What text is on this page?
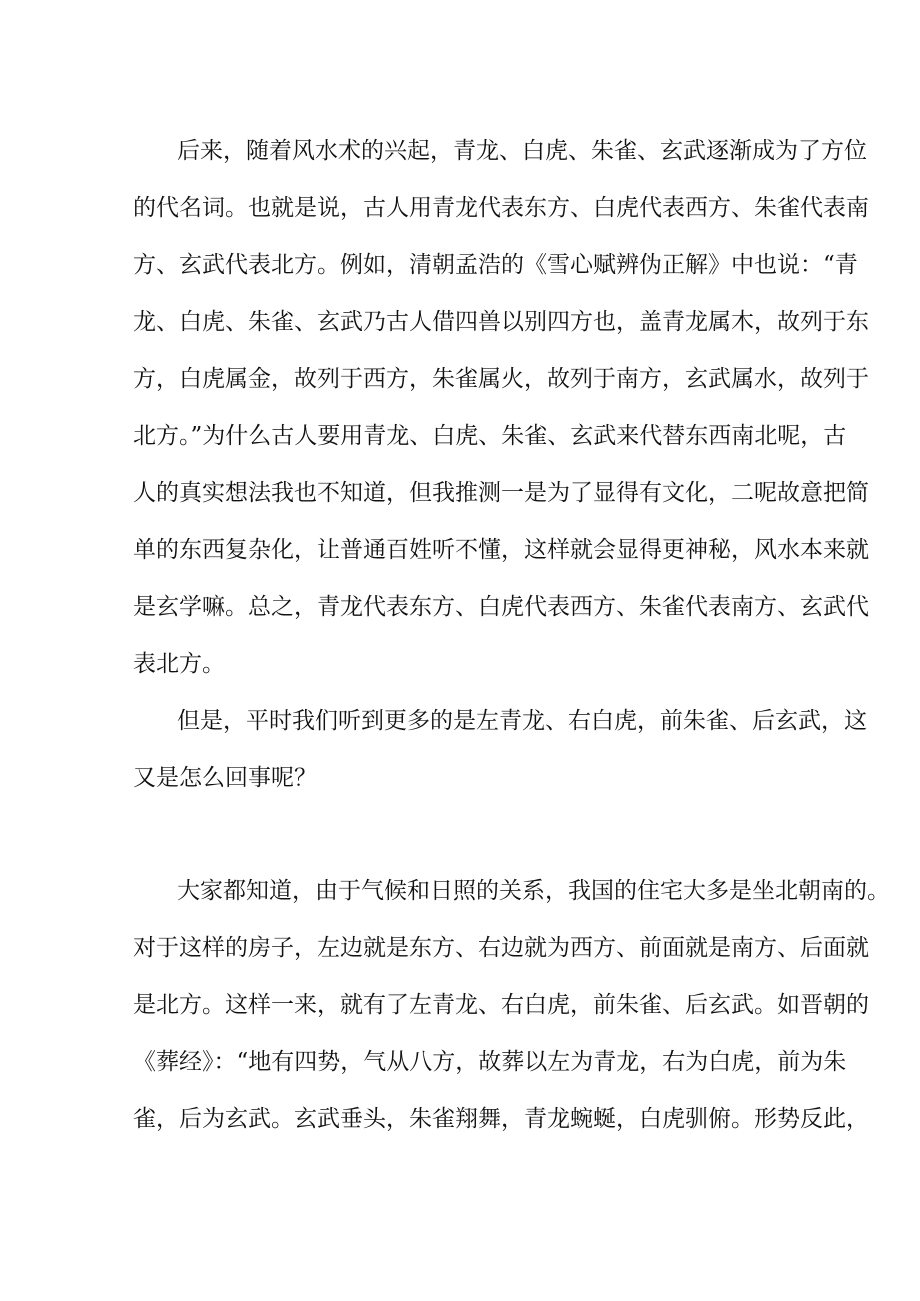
后来，随着风水术的兴起，青龙、白虎、朱雀、玄武逐渐成为了方位
的代名词。也就是说，古人用青龙代表东方、白虎代表西方、朱雀代表南
方、玄武代表北方。例如，清朝孟浩的《雪心赋辨伪正解》中也说：“青
龙、白虎、朱雀、玄武乃古人借四兽以别四方也，盖青龙属木，故列于东
方，白虎属金，故列于西方，朱雀属火，故列于南方，玄武属水，故列于
北方。”为什么古人要用青龙、白虎、朱雀、玄武来代替东西南北呢，古
人的真实想法我也不知道，但我推测一是为了显得有文化，二呢故意把简
单的东西复杂化，让普通百姓听不懂，这样就会显得更神秘，风水本来就
是玄学嘛。总之，青龙代表东方、白虎代表西方、朱雀代表南方、玄武代
表北方。
但是，平时我们听到更多的是左青龙、右白虎，前朱雀、后玄武，这
又是怎么回事呢？
大家都知道，由于气候和日照的关系，我国的住宅大多是坐北朝南的。
对于这样的房子，左边就是东方、右边就为西方、前面就是南方、后面就
是北方。这样一来，就有了左青龙、右白虎，前朱雀、后玄武。如晋朝的
《葬经》：“地有四势，气从八方，故葬以左为青龙，右为白虎，前为朱
雀，后为玄武。玄武垂头，朱雀翔舞，青龙蜿蜒，白虎驯俯。形势反此，
